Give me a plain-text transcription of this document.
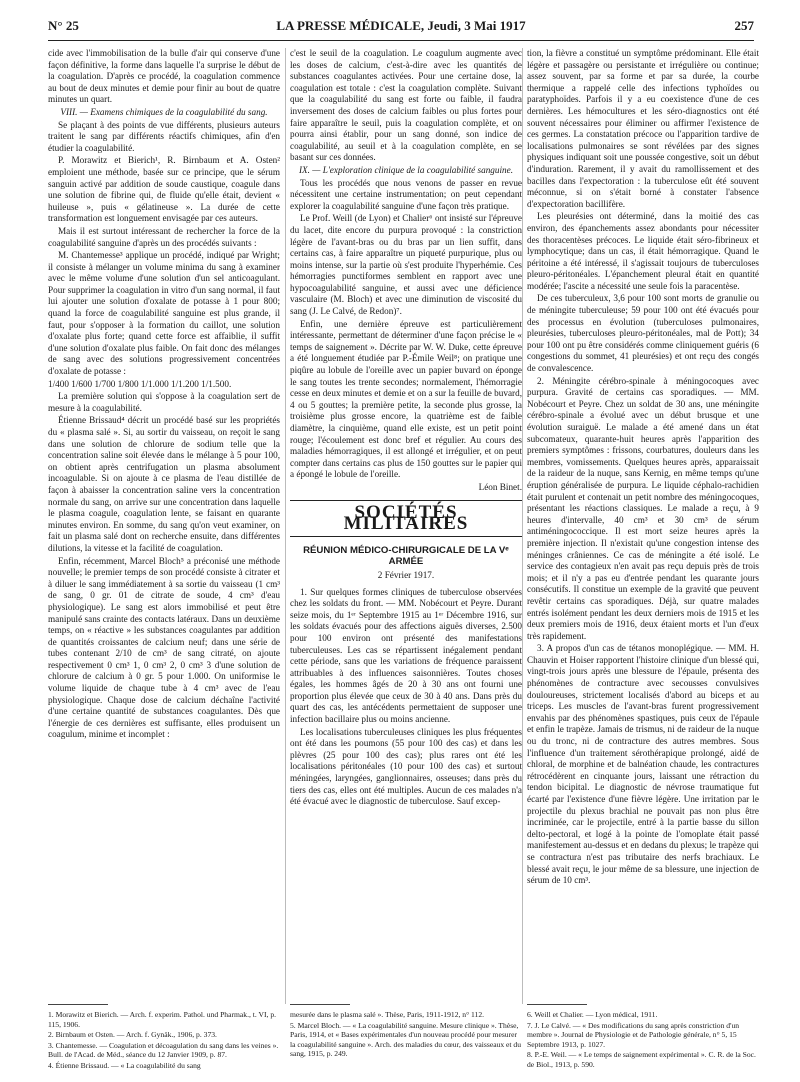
N° 25	LA PRESSE MÉDICALE, Jeudi, 3 Mai 1917	257

cide avec l'immobilisation de la bulle d'air qui conserve d'une façon définitive, la forme dans laquelle l'a surprise le début de la coagulation. D'après ce procédé, la coagulation commence au bout de deux minutes et demie pour finir au bout de quatre minutes un quart.

VIII. — Examens chimiques de la coagulabilité du sang.

Se plaçant à des points de vue différents, plusieurs auteurs traitent le sang par différents réactifs chimiques, afin d'en étudier la coagulabilité.

P. Morawitz et Bierich¹, R. Birnbaum et A. Osten² emploient une méthode, basée sur ce principe, que le sérum sanguin activé par addition de soude caustique, coagule dans une solution de fibrine qui, de fluide qu'elle était, devient « huileuse », puis « gélatineuse ». La durée de cette transformation est longuement envisagée par ces auteurs.

Mais il est surtout intéressant de rechercher la force de la coagulabilité sanguine d'après un des procédés suivants :

M. Chantemesse³ applique un procédé, indiqué par Wright; il consiste à mélanger un volume minima du sang à examiner avec le même volume d'une solution d'un sel anticoagulant. Pour supprimer la coagulation in vitro d'un sang normal, il faut lui ajouter une solution d'oxalate de potasse à 1 pour 800; quand la force de coagulabilité sanguine est plus grande, il faut, pour s'opposer à la formation du caillot, une solution d'oxalate plus forte; quand cette force est affaiblie, il suffit d'une solution d'oxalate plus faible. On fait donc des mélanges de sang avec des solutions progressivement concentrées d'oxalate de potasse :

1/400 1/600 1/700 1/800 1/1.000 1/1.200 1/1.500.

La première solution qui s'oppose à la coagulation sert de mesure à la coagulabilité.

Étienne Brissaud⁴ décrit un procédé basé sur les propriétés du « plasma salé ». Si, au sortir du vaisseau, on reçoit le sang dans une solution de chlorure de sodium telle que la concentration saline soit élevée dans le mélange à 5 pour 100, on obtient après centrifugation un plasma absolument incoagulable. Si on ajoute à ce plasma de l'eau distillée de façon à abaisser la concentration saline vers la concentration normale du sang, on arrive sur une concentration dans laquelle le plasma coagule, coagulation lente, se faisant en quarante minutes environ. En somme, du sang qu'on veut examiner, on fait un plasma salé dont on recherche ensuite, dans différentes dilutions, la vitesse et la facilité de coagulation.

Enfin, récemment, Marcel Bloch⁵ a préconisé une méthode nouvelle; le premier temps de son procédé consiste à citrater et à diluer le sang immédiatement à sa sortie du vaisseau (1 cm³ de sang, 0 gr. 01 de citrate de soude, 4 cm³ d'eau physiologique). Le sang est alors immobilisé et peut être manipulé sans crainte des contacts latéraux. Dans un deuxième temps, on « réactive » les substances coagulantes par addition de quantités croissantes de calcium neuf; dans une série de tubes contenant 2/10 de cm³ de sang citraté, on ajoute respectivement 0 cm³ 1, 0 cm³ 2, 0 cm³ 3 d'une solution de chlorure de calcium à 0 gr. 5 pour 1.000. On uniformise le volume liquide de chaque tube à 4 cm³ avec de l'eau physiologique. Chaque dose de calcium déchaîne l'activité d'une certaine quantité de substances coagulantes. Dès que l'énergie de ces dernières est suffisante, elles produisent un coagulum, minime et incomplet :

1. Morawitz et Bierich. — Arch. f. experim. Pathol. und Pharmak., t. VI, p. 115, 1906.
2. Birnbaum et Osten. — Arch. f. Gynäk., 1906, p. 373.
3. Chantemesse. — Coagulation et décoagulation du sang dans les veines ». Bull. de l'Acad. de Méd., séance du 12 Janvier 1909, p. 87.
4. Étienne Brissaud. — « La coagulabilité du sang

c'est le seuil de la coagulation. Le coagulum augmente avec les doses de calcium, c'est-à-dire avec les quantités de substances coagulantes activées. Pour une certaine dose, la coagulation est totale : c'est la coagulation complète. Suivant que la coagulabilité du sang est forte ou faible, il faudra inversement des doses de calcium faibles ou plus fortes pour faire apparaître le seuil, puis la coagulation complète, et on pourra ainsi établir, pour un sang donné, son indice de coagulabilité, au seuil et à la coagulation complète, en se basant sur ces données.

IX. — L'exploration clinique de la coagulabilité sanguine.

Tous les procédés que nous venons de passer en revue nécessitent une certaine instrumentation; on peut cependant explorer la coagulabilité sanguine d'une façon très pratique.

Le Prof. Weill (de Lyon) et Chalier⁶ ont insisté sur l'épreuve du lacet, dite encore du purpura provoqué : la constriction légère de l'avant-bras ou du bras par un lien suffit, dans certains cas, à faire apparaître un piqueté purpurique, plus ou moins intense, sur la partie où s'est produite l'hyperhémie. Ces hémorragies punctiformes semblent en rapport avec une hypocoagulabilité sanguine, et aussi avec une déficience vasculaire (M. Bloch) et avec une diminution de viscosité du sang (J. Le Calvé, de Redon)⁷.

Enfin, une dernière épreuve est particulièrement intéressante, permettant de déterminer d'une façon précise le « temps de saignement ». Décrite par W. W. Duke, cette épreuve a été longuement étudiée par P.-Émile Weil⁸; on pratique une piqûre au lobule de l'oreille avec un papier buvard on éponge le sang toutes les trente secondes; normalement, l'hémorragie cesse en deux minutes et demie et on a sur la feuille de buvard, 4 ou 5 gouttes; la première petite, la seconde plus grosse, la troisième plus grosse encore, la quatrième est de faible diamètre, la cinquième, quand elle existe, est un petit point rouge; l'écoulement est donc bref et régulier. Au cours des maladies hémorragiques, il est allongé et irrégulier, et on peut compter dans certains cas plus de 150 gouttes sur le papier qui a épongé le lobule de l'oreille.

Léon Binet.

SOCIÉTÉS MILITAIRES
RÉUNION MÉDICO-CHIRURGICALE DE LA Vᵉ ARMÉE
2 Février 1917.

1. Sur quelques formes cliniques de tuberculose observées chez les soldats du front. — MM. Nobécourt et Peyre. Durant seize mois, du 1ᵉʳ Septembre 1915 au 1ᵉʳ Décembre 1916, sur les soldats évacués pour des affections aiguës diverses, 2.500 pour 100 environ ont présenté des manifestations tuberculeuses. Les cas se répartissent inégalement pendant cette période, sans que les variations de fréquence paraissent attribuables à des influences saisonnières. Toutes choses égales, les hommes âgés de 20 à 30 ans ont fourni une proportion plus élevée que ceux de 30 à 40 ans. Dans près du quart des cas, les antécédents permettaient de supposer une infection bacillaire plus ou moins ancienne.

Les localisations tuberculeuses cliniques les plus fréquentes ont été dans les poumons (55 pour 100 des cas) et dans les plèvres (25 pour 100 des cas); plus rares ont été les localisations péritonéales (10 pour 100 des cas) et surtout méningées, laryngées, ganglionnaires, osseuses; dans près du tiers des cas, elles ont été multiples. Aucun de ces malades n'a été évacué avec le diagnostic de tuberculose. Sauf excep-

mesurée dans le plasma salé ». Thèse, Paris, 1911-1912, n° 112.
5. Marcel Bloch. — « La coagulabilité sanguine. Mesure clinique ». Thèse, Paris, 1914, et « Bases expérimentales d'un nouveau procédé pour mesurer la coagulabilité sanguine ». Arch. des maladies du cœur, des vaisseaux et du sang, 1915, p. 249.

tion, la fièvre a constitué un symptôme prédominant. Elle était légère et passagère ou persistante et irrégulière ou continue; assez souvent, par sa forme et par sa durée, la courbe thermique a rappelé celle des infections typhoïdes ou paratyphoïdes. Parfois il y a eu coexistence d'une de ces dernières. Les hémocultures et les séro-diagnostics ont été souvent nécessaires pour éliminer ou affirmer l'existence de ces germes. La constatation précoce ou l'apparition tardive de localisations pulmonaires se sont révélées par des signes physiques indiquant soit une poussée congestive, soit un début d'induration. Rarement, il y avait du ramollissement et des bacilles dans l'expectoration : la tuberculose eût été souvent méconnue, si on s'était borné à constater l'absence d'expectoration bacillifère.

Les pleurésies ont déterminé, dans la moitié des cas environ, des épanchements assez abondants pour nécessiter des thoracentèses précoces. Le liquide était séro-fibrineux et lymphocytique; dans un cas, il était hémorragique. Quand le péritoine a été intéressé, il s'agissait toujours de tuberculoses pleuro-péritonéales. L'épanchement pleural était en quantité modérée; l'ascite a nécessité une seule fois la paracentèse.

De ces tuberculeux, 3,6 pour 100 sont morts de granulie ou de méningite tuberculeuse; 59 pour 100 ont été évacués pour des processus en évolution (tuberculoses pulmonaires, pleurésies, tuberculoses pleuro-péritonéales, mal de Pott); 34 pour 100 ont pu être considérés comme cliniquement guéris (6 congestions du sommet, 41 pleurésies) et ont reçu des congés de convalescence.

2. Méningite cérébro-spinale à méningocoques avec purpura. Gravité de certains cas sporadiques. — MM. Nobécourt et Peyre. Chez un soldat de 30 ans, une méningite cérébro-spinale a évolué avec un début brusque et une évolution suraiguë. Le malade a été amené dans un état subcomateux, quarante-huit heures après l'apparition des premiers symptômes : frissons, courbatures, douleurs dans les membres, vomissements. Quelques heures après, apparaissait de la raideur de la nuque, sans Kernig, en même temps qu'une éruption généralisée de purpura. Le liquide céphalo-rachidien était purulent et contenait un petit nombre des méningocoques, présentant les réactions classiques. Le malade a reçu, à 9 heures d'intervalle, 40 cm³ et 30 cm³ de sérum antiméningococcique. Il est mort seize heures après la première injection. Il n'existait qu'une congestion intense des méninges crâniennes. Ce cas de méningite a été isolé. Le service des contagieux n'en avait pas reçu depuis près de trois mois; et il n'y a pas eu d'entrée pendant les quarante jours consécutifs. Il constitue un exemple de la gravité que peuvent revêtir certains cas sporadiques. Déjà, sur quatre malades entrés isolément pendant les deux derniers mois de 1915 et les deux premiers mois de 1916, deux étaient morts et l'un d'eux très rapidement.

3. A propos d'un cas de tétanos monoplégique. — MM. H. Chauvin et Hoiser rapportent l'histoire clinique d'un blessé qui, vingt-trois jours après une blessure de l'épaule, présenta des phénomènes de contracture avec secousses convulsives douloureuses, strictement localisés d'abord au biceps et au triceps. Les muscles de l'avant-bras furent progressivement envahis par des phénomènes spastiques, puis ceux de l'épaule et enfin le trapèze. Jamais de trismus, ni de raideur de la nuque ou du tronc, ni de contracture des autres membres. Sous l'influence d'un traitement sérothérapique prolongé, aidé de chloral, de morphine et de balnéation chaude, les contractures rétrocédèrent en cinquante jours, laissant une rétraction du tendon bicipital. Le diagnostic de névrose traumatique fut écarté par l'existence d'une fièvre légère. Une irritation par le projectile du plexus brachial ne pouvait pas non plus être incriminée, car le projectile, entré à la partie basse du sillon delto-pectoral, et logé à la pointe de l'omoplate était passé manifestement au-dessus et en dedans du plexus; le trapèze qui se contractura n'est pas tributaire des nerfs brachiaux. Le blessé avait reçu, le jour même de sa blessure, une injection de sérum de 10 cm³.

6. Weill et Chalier. — Lyon médical, 1911.
7. J. Le Calvé. — « Des modifications du sang après constriction d'un membre ». Journal de Physiologie et de Pathologie générale, n° 5, 15 Septembre 1913, p. 1027.
8. P.-E. Weil. — « Le temps de saignement expérimental ». C. R. de la Soc. de Biol., 1913, p. 590.
